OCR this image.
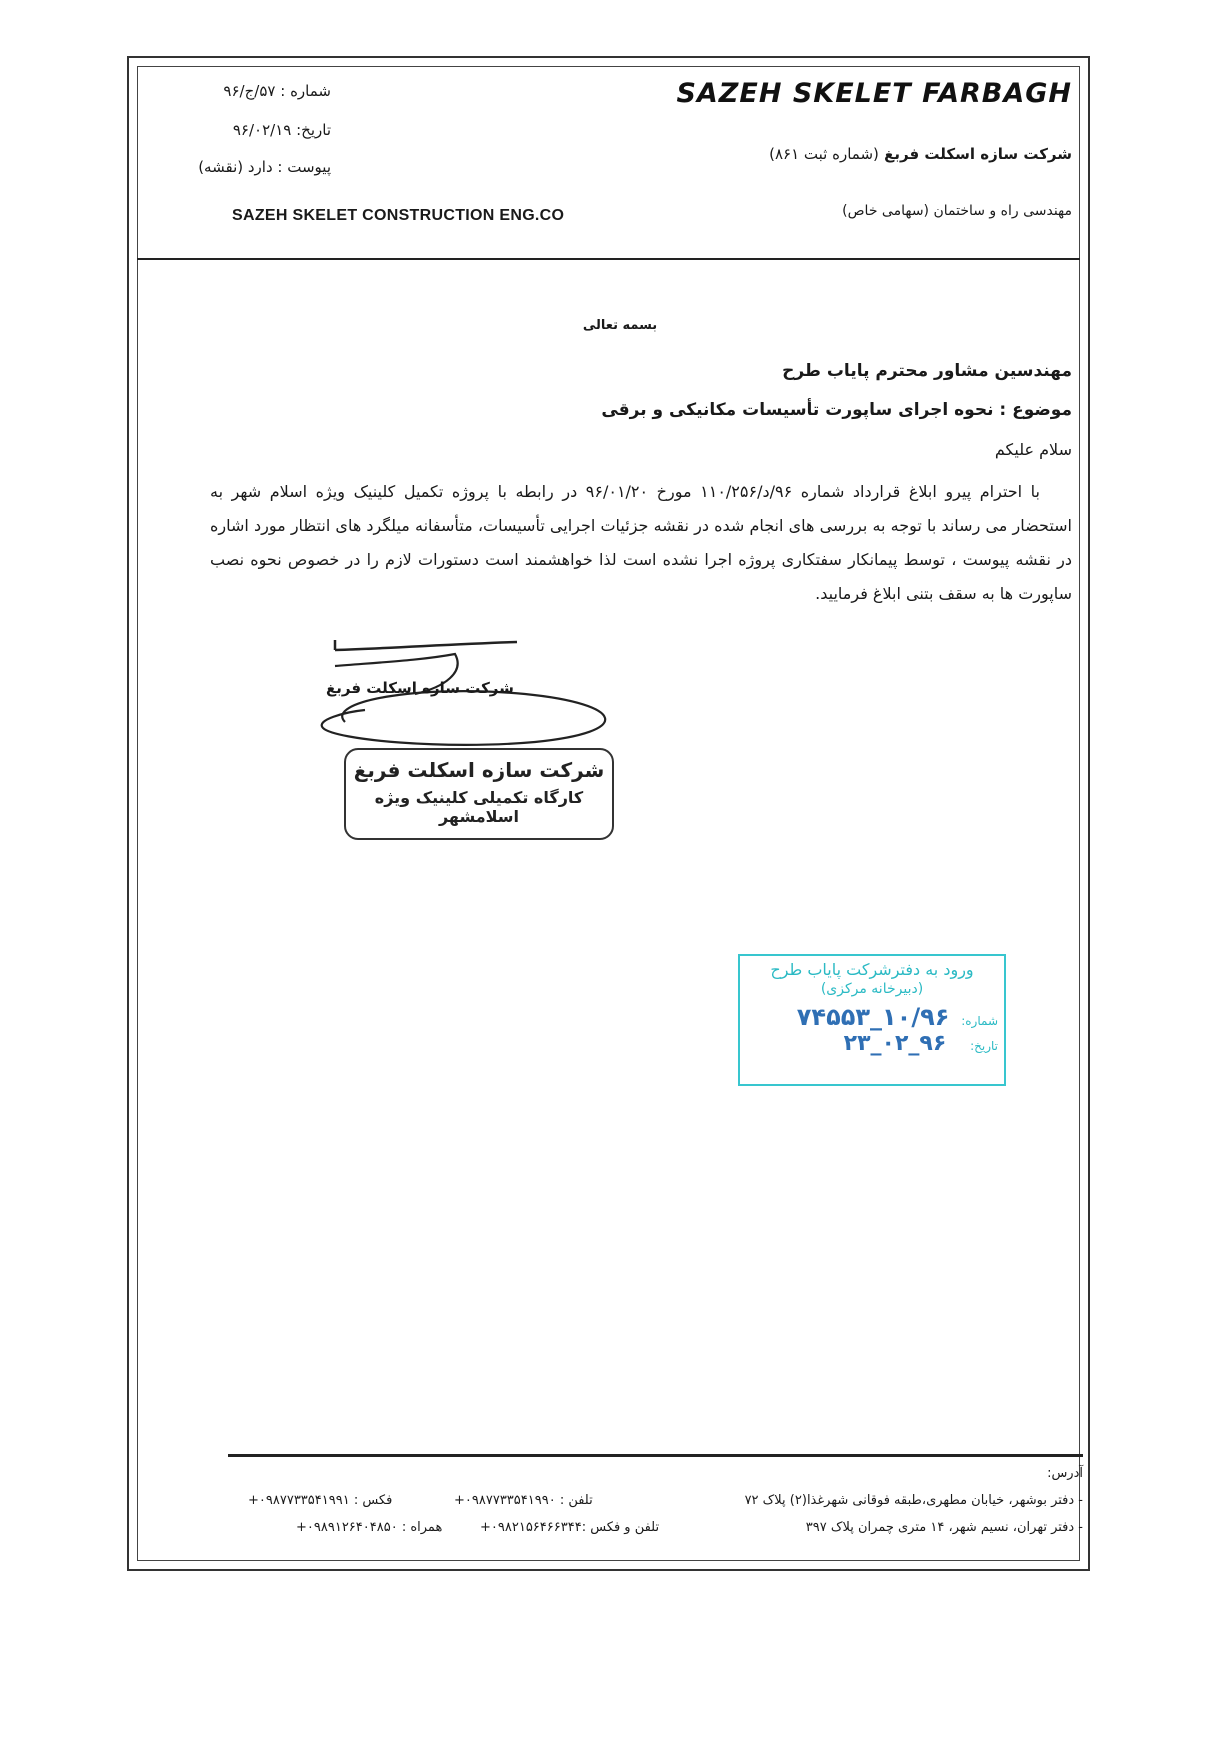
SAZEH SKELET FARBAGH
شرکت سازه اسکلت فربغ (شماره ثبت ۸۶۱)
مهندسی راه و ساختمان (سهامی خاص)
SAZEH SKELET CONSTRUCTION ENG.CO
شماره : ۵۷/ج/۹۶
تاریخ: ۹۶/۰۲/۱۹
پیوست : دارد (نقشه)
بسمه تعالی
مهندسین مشاور محترم پایاب طرح
موضوع : نحوه اجرای ساپورت تأسیسات مکانیکی و برقی
سلام علیکم
با احترام پیرو ابلاغ قرارداد شماره ۹۶/د/۱۱۰/۲۵۶ مورخ ۹۶/۰۱/۲۰ در رابطه با پروژه تکمیل کلینیک ویژه اسلام شهر به استحضار می رساند با توجه به بررسی های انجام شده در نقشه جزئیات اجرایی تأسیسات، متأسفانه میلگرد های انتظار مورد اشاره در نقشه پیوست ، توسط پیمانکار سفتکاری پروژه اجرا نشده است لذا خواهشمند است دستورات لازم را در خصوص نحوه نصب ساپورت ها به سقف بتنی ابلاغ فرمایید.
شرکت سازه اسکلت فربغ
شرکت سازه اسکلت فربغ
کارگاه تکمیلی کلینیک ویژه اسلامشهر
ورود به دفترشرکت پایاب طرح
(دبیرخانه مرکزی)
شماره: ۱۰/۹۶_۷۴۵۵۳
تاریخ: ۹۶_۰۲_۲۳
آدرس:
- دفتر بوشهر، خیابان مطهری،طبقه فوقانی شهرغذا(۲) پلاک ۷۲
تلفن : ۰۹۸۷۷۳۳۵۴۱۹۹۰+
فکس : ۰۹۸۷۷۳۳۵۴۱۹۹۱+
- دفتر تهران، نسیم شهر، ۱۴ متری چمران پلاک ۳۹۷
تلفن و فکس :۰۹۸۲۱۵۶۴۶۶۳۴۴+
همراه : ۰۹۸۹۱۲۶۴۰۴۸۵۰+
